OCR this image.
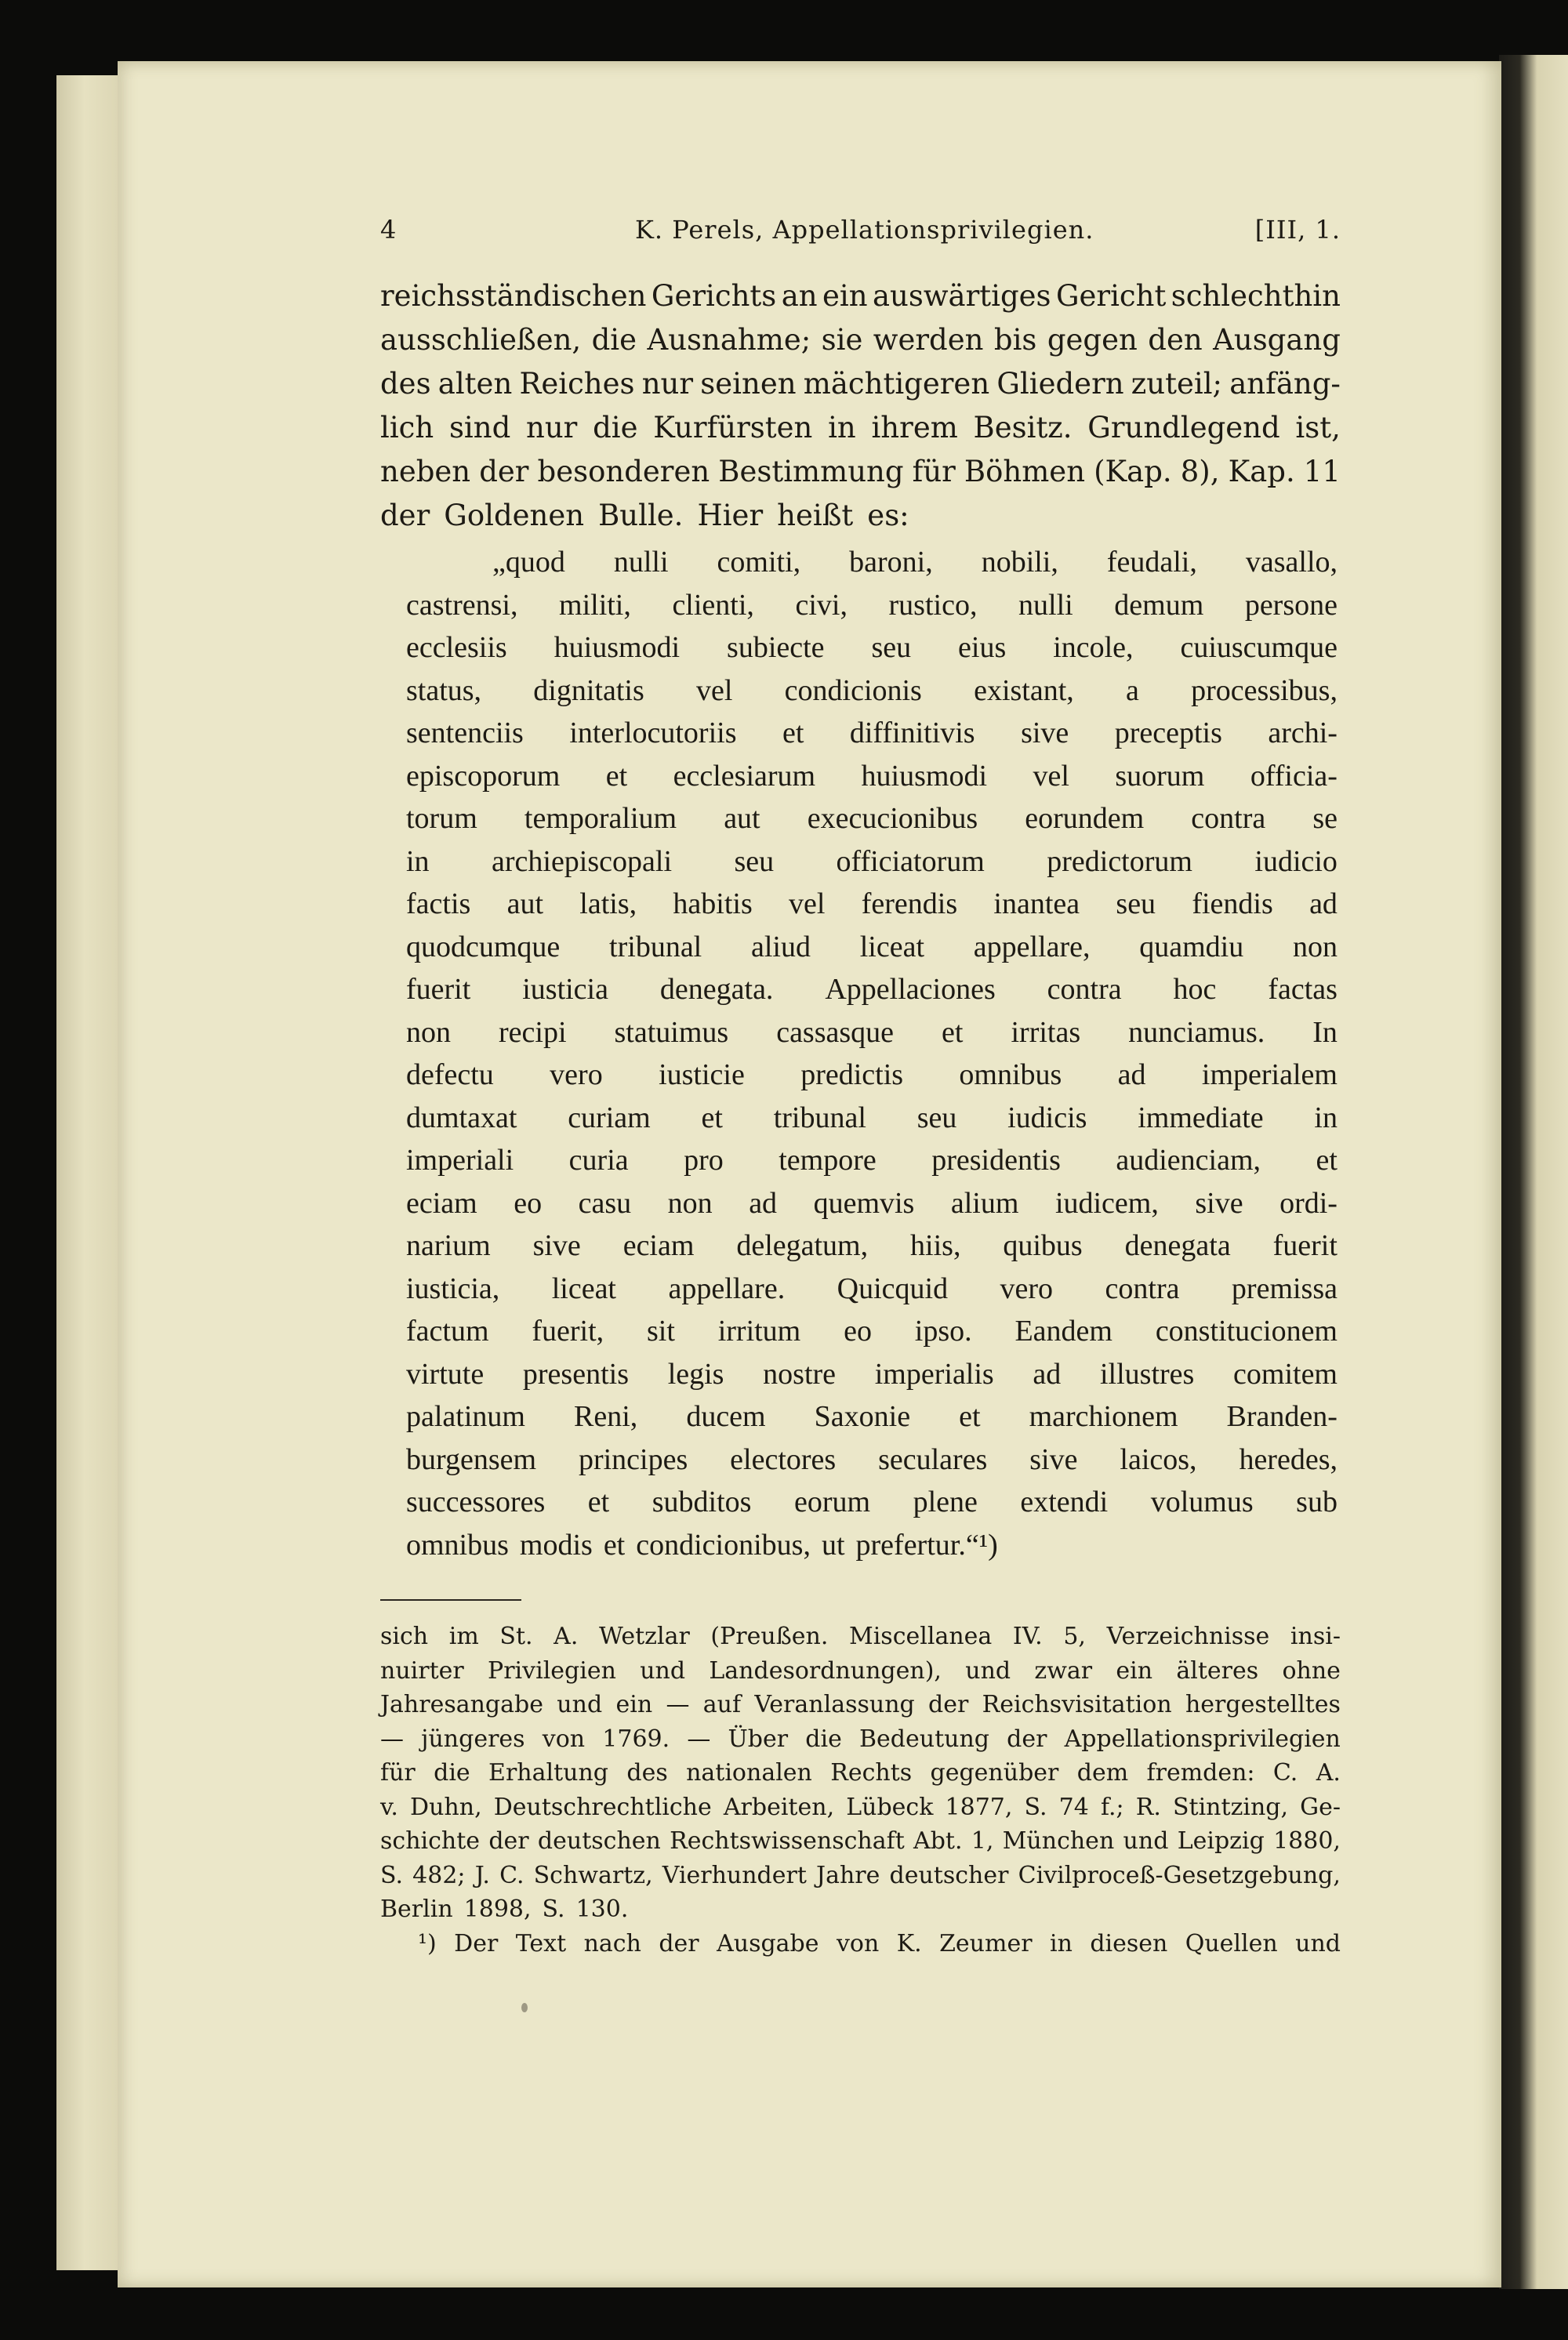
4	K. Perels, Appellationsprivilegien.	[III, 1.
reichsständischen Gerichts an ein auswärtiges Gericht schlechthin
ausschließen, die Ausnahme; sie werden bis gegen den Ausgang
des alten Reiches nur seinen mächtigeren Gliedern zuteil; anfäng-
lich sind nur die Kurfürsten in ihrem Besitz. Grundlegend ist,
neben der besonderen Bestimmung für Böhmen (Kap. 8), Kap. 11
der Goldenen Bulle. Hier heißt es:
„quod nulli comiti, baroni, nobili, feudali, vasallo,
castrensi, militi, clienti, civi, rustico, nulli demum persone
ecclesiis huiusmodi subiecte seu eius incole, cuiuscumque
status, dignitatis vel condicionis existant, a processibus,
sentenciis interlocutoriis et diffinitivis sive preceptis archi-
episcoporum et ecclesiarum huiusmodi vel suorum officia-
torum temporalium aut execucionibus eorundem contra se
in archiepiscopali seu officiatorum predictorum iudicio
factis aut latis, habitis vel ferendis inantea seu fiendis ad
quodcumque tribunal aliud liceat appellare, quamdiu non
fuerit iusticia denegata. Appellaciones contra hoc factas
non recipi statuimus cassasque et irritas nunciamus. In
defectu vero iusticie predictis omnibus ad imperialem
dumtaxat curiam et tribunal seu iudicis immediate in
imperiali curia pro tempore presidentis audienciam, et
eciam eo casu non ad quemvis alium iudicem, sive ordi-
narium sive eciam delegatum, hiis, quibus denegata fuerit
iusticia, liceat appellare. Quicquid vero contra premissa
factum fuerit, sit irritum eo ipso. Eandem constitucionem
virtute presentis legis nostre imperialis ad illustres comitem
palatinum Reni, ducem Saxonie et marchionem Branden-
burgensem principes electores seculares sive laicos, heredes,
successores et subditos eorum plene extendi volumus sub
omnibus modis et condicionibus, ut prefertur.“¹)
sich im St. A. Wetzlar (Preußen. Miscellanea IV. 5, Verzeichnisse insi-
nuirter Privilegien und Landesordnungen), und zwar ein älteres ohne
Jahresangabe und ein — auf Veranlassung der Reichsvisitation hergestelltes
— jüngeres von 1769. — Über die Bedeutung der Appellationsprivilegien
für die Erhaltung des nationalen Rechts gegenüber dem fremden: C. A.
v. Duhn, Deutschrechtliche Arbeiten, Lübeck 1877, S. 74 f.; R. Stintzing, Ge-
schichte der deutschen Rechtswissenschaft Abt. 1, München und Leipzig 1880,
S. 482; J. C. Schwartz, Vierhundert Jahre deutscher Civilproceß-Gesetzgebung,
Berlin 1898, S. 130.
¹) Der Text nach der Ausgabe von K. Zeumer in diesen Quellen und
